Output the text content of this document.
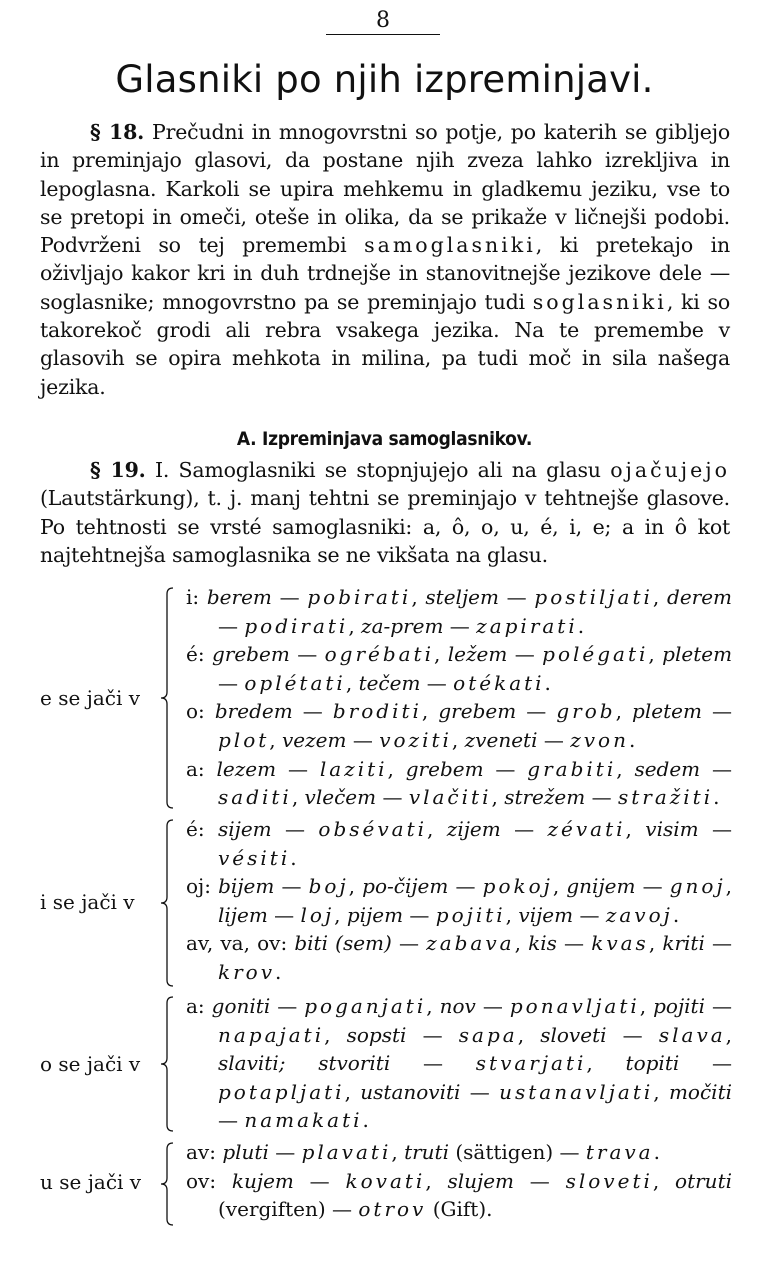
8
Glasniki po njih izpreminjavi.
§ 18. Prečudni in mnogovrstni so potje, po katerih se gibljejo in preminjajo glasovi, da postane njih zveza lahko izreklјiva in lepoglasna. Karkoli se upira mehkemu in gladkemu jeziku, vse to se pretopi in omeči, oteše in olika, da se prikaže v ličnejši podobi. Podvrženi so tej premembi samoglasniki, ki pretekajo in oživljajo kakor kri in duh trdnejše in stanovitnejše jezikove dele — soglasnike; mnogovrstno pa se preminjajo tudi soglasniki, ki so takorekoč grodi ali rebra vsakega jezika. Na te premembe v glasovih se opira mehkota in milina, pa tudi moč in sila našega jezika.
A. Izpreminjava samoglasnikov.
§ 19. I. Samoglasniki se stopnjujejo ali na glasu ojačujejo (Lautstärkung), t. j. manj tehtni se preminjajo v tehtnejše glasove. Po tehtnosti se vrsté samoglasniki: a, ô, o, u, é, i, e; a in ô kot najtehtnejša samoglasnika se ne vikšata na glasu.
e se jači v
i: berem — pobirati, steljem — postiljati, derem — podirati, za-prem — zapirati.
é: grebem — ogrébati, ležem — polégati, pletem — oplétati, tečem — otékati.
o: bredem — broditi, grebem — grob, pletem — plot, vezem — voziti, zveneti — zvon.
a: lezem — laziti, grebem — grabiti, sedem — saditi, vlečem — vlačiti, strežem — stražiti.
i se jači v
é: sijem — obsévati, zijem — zévati, visim — vésiti.
oj: bijem — boj, po-čijem — pokoj, gnijem — gnoj, lijem — loj, pijem — pojiti, vijem — zavoj.
av, va, ov: biti (sem) — zabava, kis — kvas, kriti — krov.
o se jači v
a: goniti — poganjati, nov — ponavljati, pojiti — napajati, sopsti — sapa, sloveti — slava, slaviti; stvoriti — stvarjati, topiti — potapljati, ustanoviti — ustanavljati, močiti — namakati.
u se jači v
av: pluti — plavati, truti (sättigen) — trava.
ov: kujem — kovati, slujem — sloveti, otruti (vergiften) — otrov (Gift).
